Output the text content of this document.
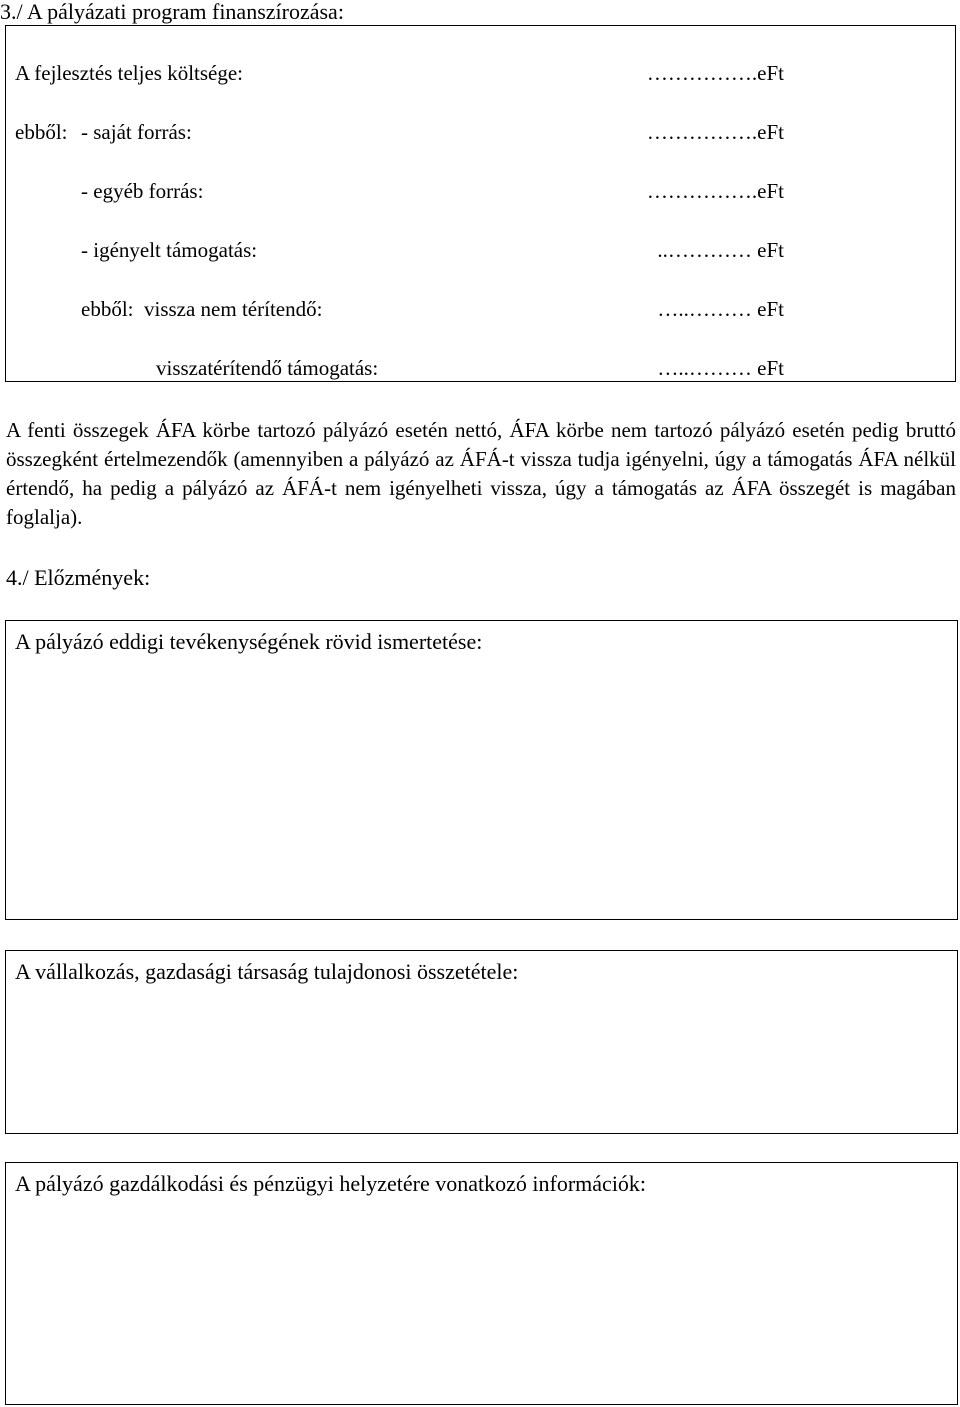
3./ A pályázati program finanszírozása:
A fejlesztés teljes költsége:	…………….eFt
ebből: - saját forrás:	…………….eFt
- egyéb forrás:	…………….eFt
- igényelt támogatás:	..………… eFt
ebből:  vissza nem térítendő:	…..……… eFt
visszatérítendő támogatás:	…..……… eFt
A fenti összegek ÁFA körbe tartozó pályázó esetén nettó, ÁFA körbe nem tartozó pályázó esetén pedig bruttó összegként értelmezendők (amennyiben a pályázó az ÁFÁ-t vissza tudja igényelni, úgy a támogatás ÁFA nélkül értendő, ha pedig a pályázó az ÁFÁ-t nem igényelheti vissza, úgy a támogatás az ÁFA összegét is magában foglalja).
4./ Előzmények:
A pályázó eddigi tevékenységének rövid ismertetése:
A vállalkozás, gazdasági társaság tulajdonosi összetétele:
A pályázó gazdálkodási és pénzügyi helyzetére vonatkozó információk:
